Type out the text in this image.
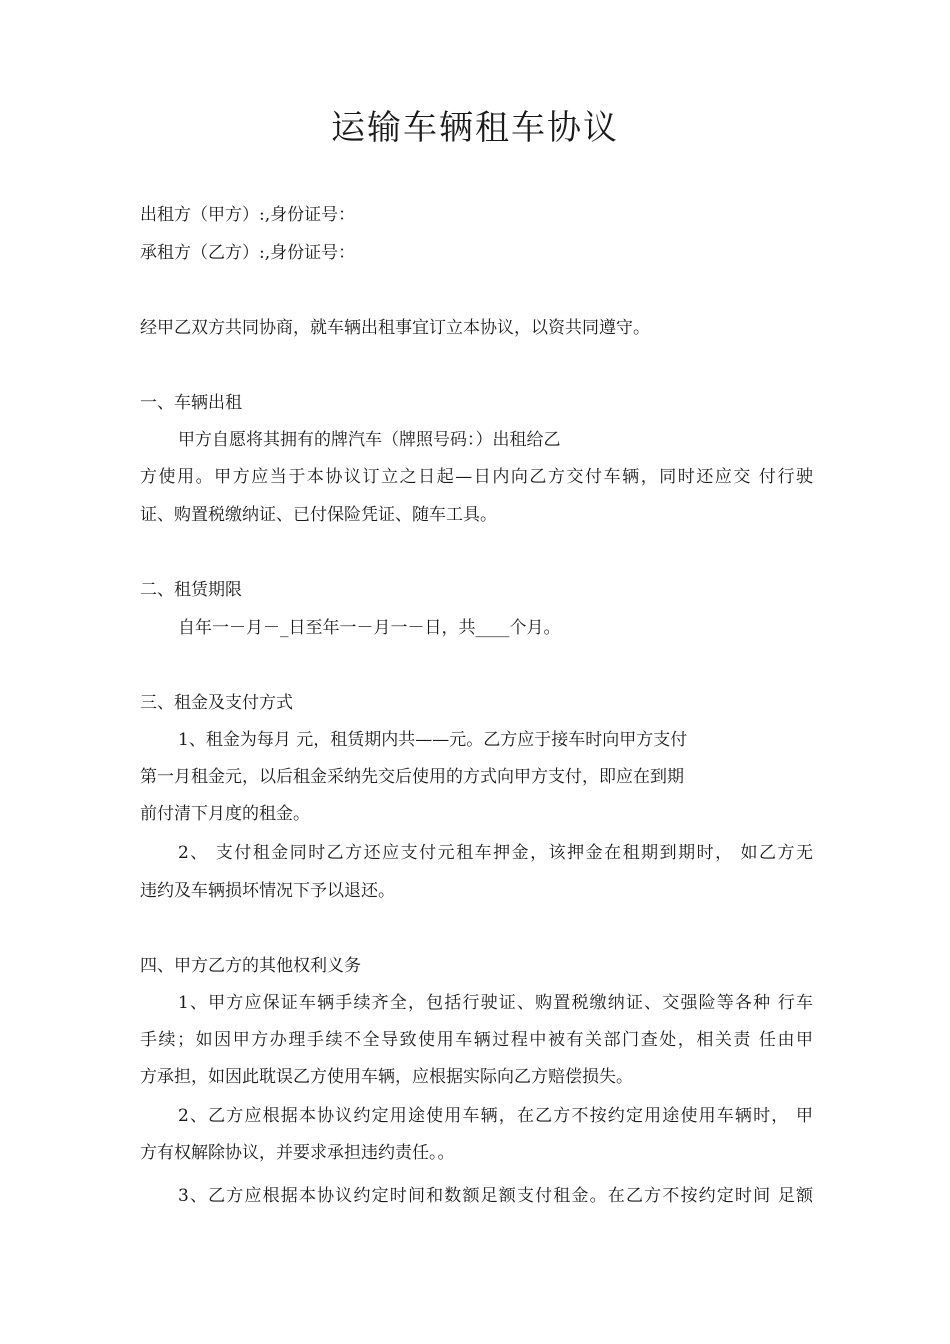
运输车辆租车协议
出租方（甲方）:,身份证号：
承租方（乙方）:,身份证号：
经甲乙双方共同协商，就车辆出租事宜订立本协议，以资共同遵守。
一、车辆出租
甲方自愿将其拥有的牌汽车（牌照号码：）出租给乙
方使用。甲方应当于本协议订立之日起—日内向乙方交付车辆，同时还应交 付行驶
证、购置税缴纳证、已付保险凭证、随车工具。
二、租赁期限
自年一－月－_日至年一－月一－日，共____个月。
三、租金及支付方式
1、租金为每月 元，租赁期内共——元。乙方应于接车时向甲方支付
第一月租金元，以后租金采纳先交后使用的方式向甲方支付，即应在到期
前付清下月度的租金。
2、 支付租金同时乙方还应支付元租车押金，该押金在租期到期时， 如乙方无
违约及车辆损坏情况下予以退还。
四、甲方乙方的其他权利义务
1、甲方应保证车辆手续齐全，包括行驶证、购置税缴纳证、交强险等各种 行车
手续；如因甲方办理手续不全导致使用车辆过程中被有关部门查处，相关责 任由甲
方承担，如因此耽误乙方使用车辆，应根据实际向乙方赔偿损失。
2、乙方应根据本协议约定用途使用车辆，在乙方不按约定用途使用车辆时， 甲
方有权解除协议，并要求承担违约责任。。
3、乙方应根据本协议约定时间和数额足额支付租金。在乙方不按约定时间 足额
